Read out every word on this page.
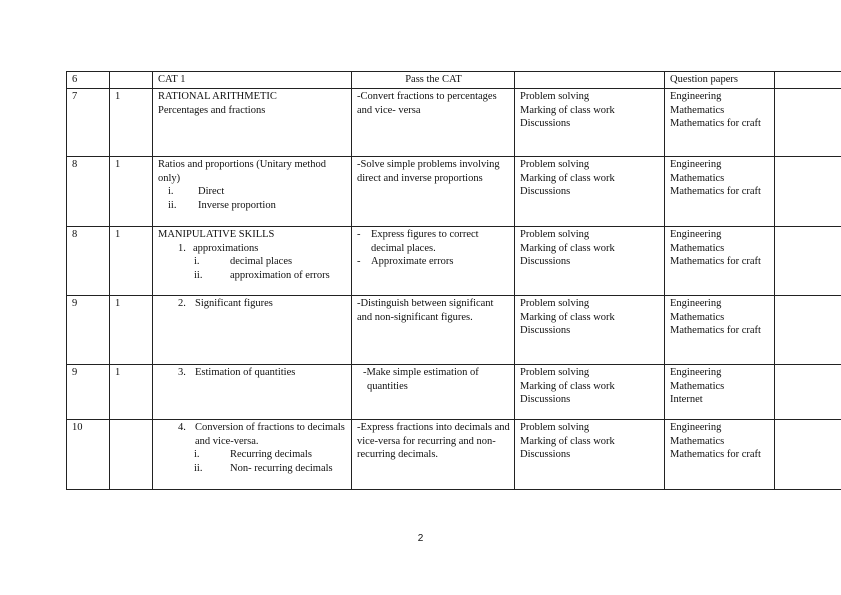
6		CAT 1	Pass the CAT		Question papers	

7	1	RATIONAL ARITHMETIC
Percentages and fractions	-Convert fractions to percentages   and vice- versa	Problem solving
Marking of class work
Discussions	Engineering Mathematics
Mathematics for craft	

8	1	Ratios and proportions (Unitary method only)
i. Direct
ii. Inverse proportion	-Solve simple problems involving direct and inverse proportions	Problem solving
Marking of class work
Discussions	Engineering Mathematics
Mathematics for craft	

8	1	MANIPULATIVE SKILLS
1. approximations
i. decimal places
ii. approximation of errors	- Express figures to correct decimal places.
- Approximate errors	Problem solving
Marking of class work
Discussions	Engineering Mathematics
Mathematics for craft	

9	1	2. Significant figures	-Distinguish between significant and non-significant figures.	Problem solving
Marking of class work
Discussions	Engineering Mathematics
Mathematics for craft	

9	1	3. Estimation of quantities	-Make simple estimation of quantities	Problem solving
Marking of class work
Discussions	Engineering Mathematics
Internet	

10		4. Conversion of fractions to decimals and vice-versa.
i. Recurring decimals
ii. Non- recurring decimals	-Express fractions into decimals and vice-versa for recurring and non- recurring decimals.	Problem solving
Marking of class work
Discussions	Engineering Mathematics
Mathematics for craft	

2
